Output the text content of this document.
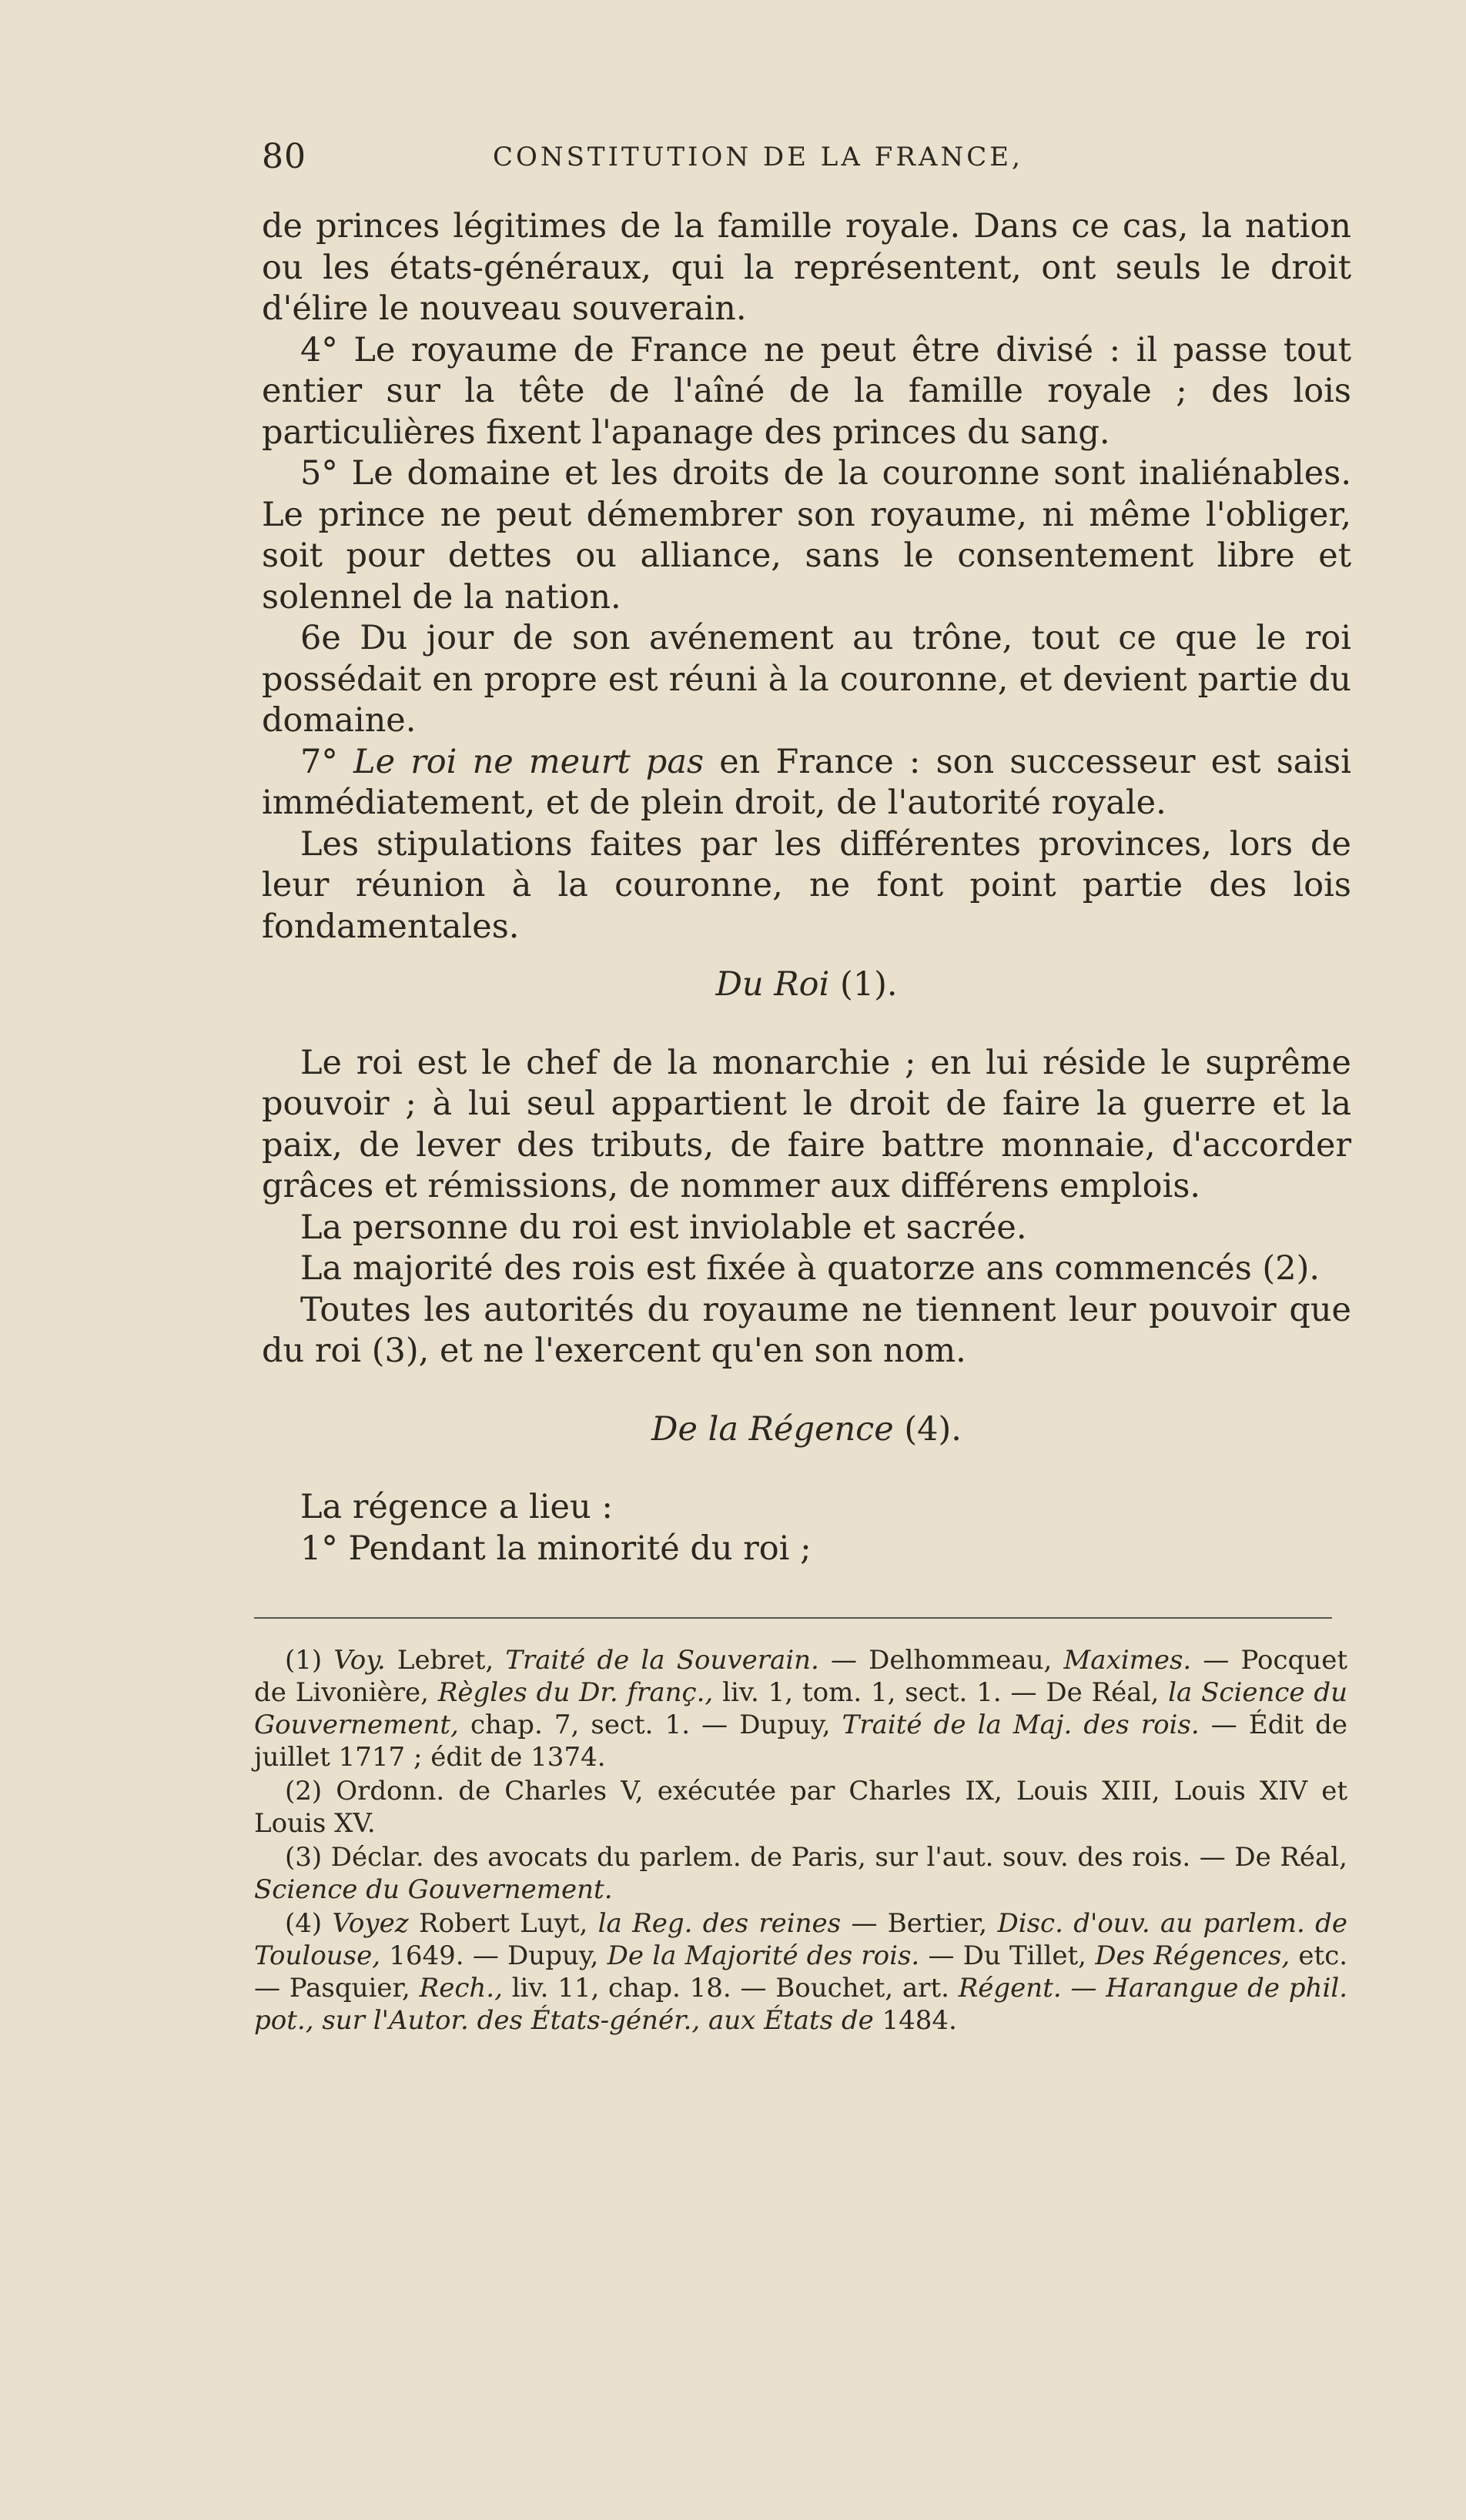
80	CONSTITUTION DE LA FRANCE,

de princes légitimes de la famille royale. Dans ce cas, la nation ou les états-généraux, qui la représentent, ont seuls le droit d'élire le nouveau souverain.

4° Le royaume de France ne peut être divisé : il passe tout entier sur la tête de l'aîné de la famille royale ; des lois particulières fixent l'apanage des princes du sang.

5° Le domaine et les droits de la couronne sont inaliénables. Le prince ne peut démembrer son royaume, ni même l'obliger, soit pour dettes ou alliance, sans le consentement libre et solennel de la nation.

6e Du jour de son avénement au trône, tout ce que le roi possédait en propre est réuni à la couronne, et devient partie du domaine.

7° Le roi ne meurt pas en France : son successeur est saisi immédiatement, et de plein droit, de l'autorité royale.

Les stipulations faites par les différentes provinces, lors de leur réunion à la couronne, ne font point partie des lois fondamentales.

Du Roi (1).

Le roi est le chef de la monarchie ; en lui réside le suprême pouvoir ; à lui seul appartient le droit de faire la guerre et la paix, de lever des tributs, de faire battre monnaie, d'accorder grâces et rémissions, de nommer aux différens emplois.

La personne du roi est inviolable et sacrée.

La majorité des rois est fixée à quatorze ans commencés (2).

Toutes les autorités du royaume ne tiennent leur pouvoir que du roi (3), et ne l'exercent qu'en son nom.

De la Régence (4).

La régence a lieu :

1° Pendant la minorité du roi ;

(1) Voy. Lebret, Traité de la Souverain. — Delhommeau, Maximes. — Pocquet de Livonière, Règles du Dr. franç., liv. 1, tom. 1, sect. 1. — De Réal, la Science du Gouvernement, chap. 7, sect. 1. — Dupuy, Traité de la Maj. des rois. — Édit de juillet 1717 ; édit de 1374.

(2) Ordonn. de Charles V, exécutée par Charles IX, Louis XIII, Louis XIV et Louis XV.

(3) Déclar. des avocats du parlem. de Paris, sur l'aut. souv. des rois. — De Réal, Science du Gouvernement.

(4) Voyez Robert Luyt, la Reg. des reines — Bertier, Disc. d'ouv. au parlem. de Toulouse, 1649. — Dupuy, De la Majorité des rois. — Du Tillet, Des Régences, etc. — Pasquier, Rech., liv. 11, chap. 18. — Bouchet, art. Régent. — Harangue de phil. pot., sur l'Autor. des États-génér., aux États de 1484.
